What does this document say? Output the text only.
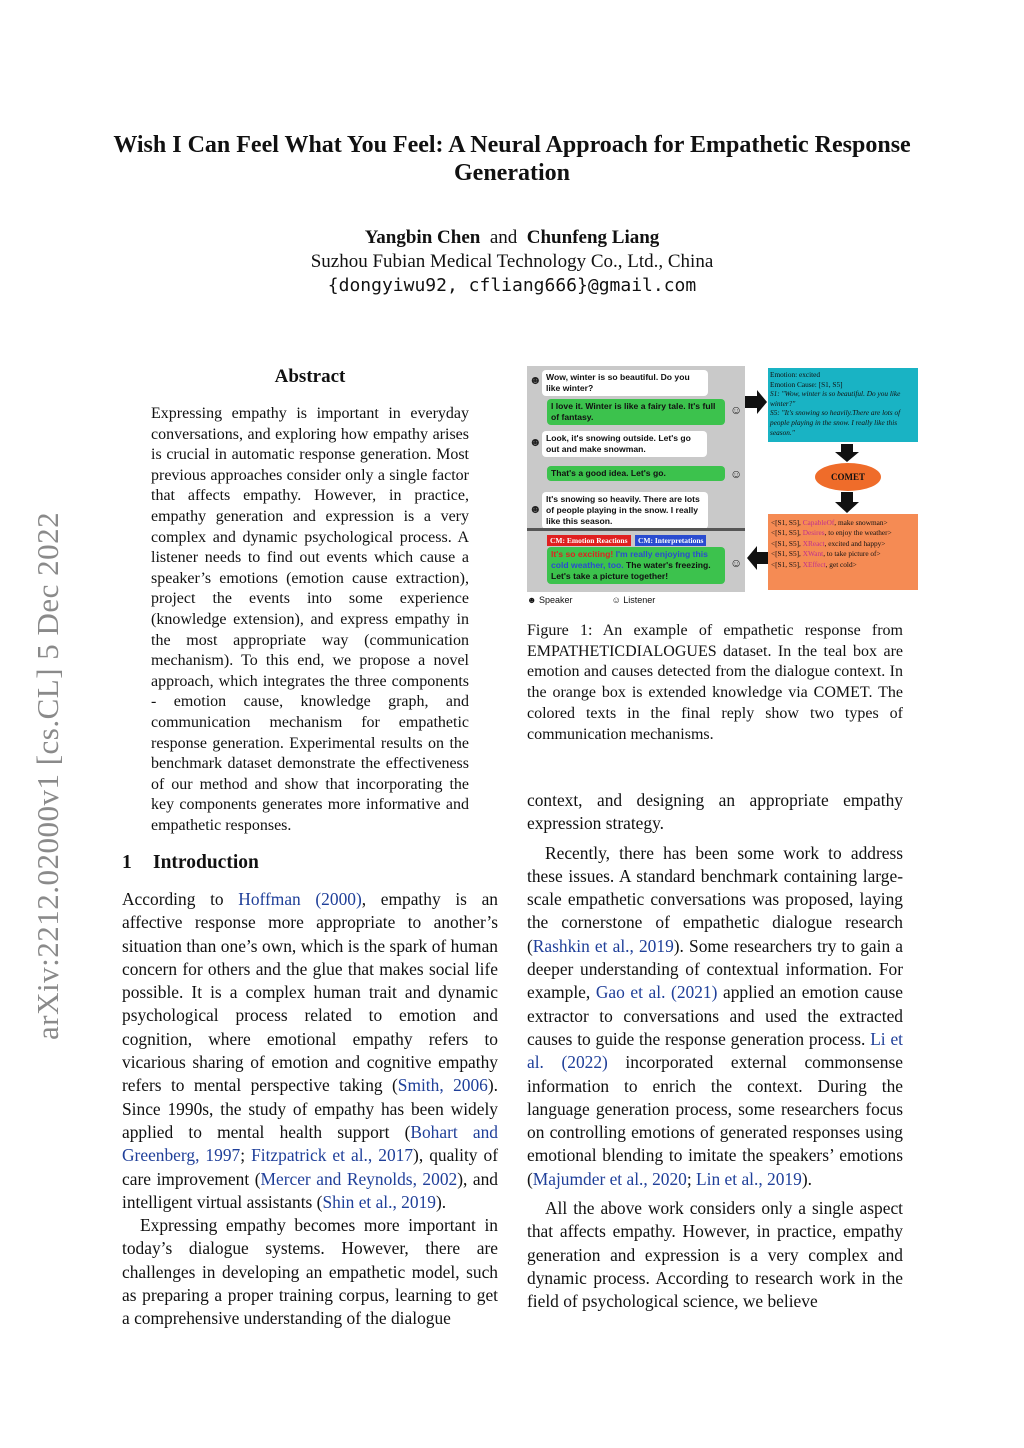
arXiv:2212.02000v1 [cs.CL] 5 Dec 2022
Wish I Can Feel What You Feel: A Neural Approach for Empathetic Response Generation
Yangbin Chen and Chunfeng Liang
Suzhou Fubian Medical Technology Co., Ltd., China
{dongyiwu92, cfliang666}@gmail.com
Abstract
Expressing empathy is important in everyday conversations, and exploring how empathy arises is crucial in automatic response generation. Most previous approaches consider only a single factor that affects empathy. However, in practice, empathy generation and expression is a very complex and dynamic psychological process. A listener needs to find out events which cause a speaker’s emotions (emotion cause extraction), project the events into some experience (knowledge extension), and express empathy in the most appropriate way (communication mechanism). To this end, we propose a novel approach, which integrates the three components - emotion cause, knowledge graph, and communication mechanism for empathetic response generation. Experimental results on the benchmark dataset demonstrate the effectiveness of our method and show that incorporating the key components generates more informative and empathetic responses.
1 Introduction

According to Hoffman (2000), empathy is an affective response more appropriate to another’s situation than one’s own, which is the spark of human concern for others and the glue that makes social life possible. It is a complex human trait and dynamic psychological process related to emotion and cognition, where emotional empathy refers to vicarious sharing of emotion and cognitive empathy refers to mental perspective taking (Smith, 2006). Since 1990s, the study of empathy has been widely applied to mental health support (Bohart and Greenberg, 1997; Fitzpatrick et al., 2017), quality of care improvement (Mercer and Reynolds, 2002), and intelligent virtual assistants (Shin et al., 2019).

Expressing empathy becomes more important in today’s dialogue systems. However, there are challenges in developing an empathetic model, such as preparing a proper training corpus, learning to get a comprehensive understanding of the dialogue

☻ Wow, winter is so beautiful. Do you like winter?
I love it. Winter is like a fairy tale. It's full of fantasy.	☺
☻ Look, it's snowing outside. Let's go out and make snowman.
That's a good idea. Let's go.	☺
☻
It's snowing so heavily. There are lots of people playing in the snow. I really like this season.
CM: Emotion Reactions	CM: Interpretations
It's so exciting! I'm really enjoying this cold weather, too. The water's freezing. Let's take a picture together!
☺
☻ Speaker	☺ Listener
Emotion: excited
Emotion Cause: [S1, S5]
S1: "Wow, winter is so beautiful. Do you like winter?"
S5: "It's snowing so heavily.There are lots of people playing in the snow. I really like this season."
COMET
<[S1, S5], CapableOf, make snowman>
<[S1, S5], Desires, to enjoy the weather>
<[S1, S5], XReact, excited and happy>
<[S1, S5], XWant, to take picture of>
<[S1, S5], XEffect, get cold>
Figure 1: An example of empathetic response from EMPATHETICDIALOGUES dataset. In the teal box are emotion and causes detected from the dialogue context. In the orange box is extended knowledge via COMET. The colored texts in the final reply show two types of communication mechanisms.

context, and designing an appropriate empathy expression strategy.

Recently, there has been some work to address these issues. A standard benchmark containing large-scale empathetic conversations was proposed, laying the cornerstone of empathetic dialogue research (Rashkin et al., 2019). Some researchers try to gain a deeper understanding of contextual information. For example, Gao et al. (2021) applied an emotion cause extractor to conversations and used the extracted causes to guide the response generation process. Li et al. (2022) incorporated external commonsense information to enrich the context. During the language generation process, some researchers focus on controlling emotions of generated responses using emotional blending to imitate the speakers’ emotions (Majumder et al., 2020; Lin et al., 2019).

All the above work considers only a single aspect that affects empathy. However, in practice, empathy generation and expression is a very complex and dynamic process. According to research work in the field of psychological science, we believe
